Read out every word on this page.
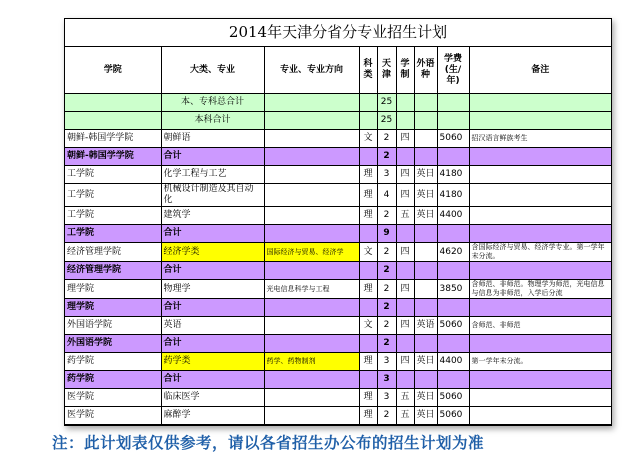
2014年天津分省分专业招生计划
学院	大类、专业	专业、专业方向	科类	天津	学制	外语种	学费(生/年)	备注
	本、专科总合计			25				
	本科合计			25				
朝鲜-韩国学学院	朝鲜语		文	2	四		5060	招汉语言鲜族考生
朝鲜-韩国学学院	合计			2				
工学院	化学工程与工艺		理	3	四	英日	4180	
工学院	机械设计制造及其自动化		理	4	四	英日	4180	
工学院	建筑学		理	2	五	英日	4400	
工学院	合计			9				
经济管理学院	经济学类	国际经济与贸易、经济学	文	2	四		4620	含国际经济与贸易、经济学专业。第一学年末分流。
经济管理学院	合计			2				
理学院	物理学	光电信息科学与工程	理	2	四		3850	含师范、非师范。物理学为师范，光电信息与信息为非师范，入学后分流
理学院	合计			2				
外国语学院	英语		文	2	四	英语	5060	含师范、非师范
外国语学院	合计			2				
药学院	药学类	药学、药物制剂	理	3	四	英日	4400	第一学年末分流。
药学院	合计			3				
医学院	临床医学		理	3	五	英日	5060	
医学院	麻醉学		理	2	五	英日	5060	
注：此计划表仅供参考，请以各省招生办公布的招生计划为准
